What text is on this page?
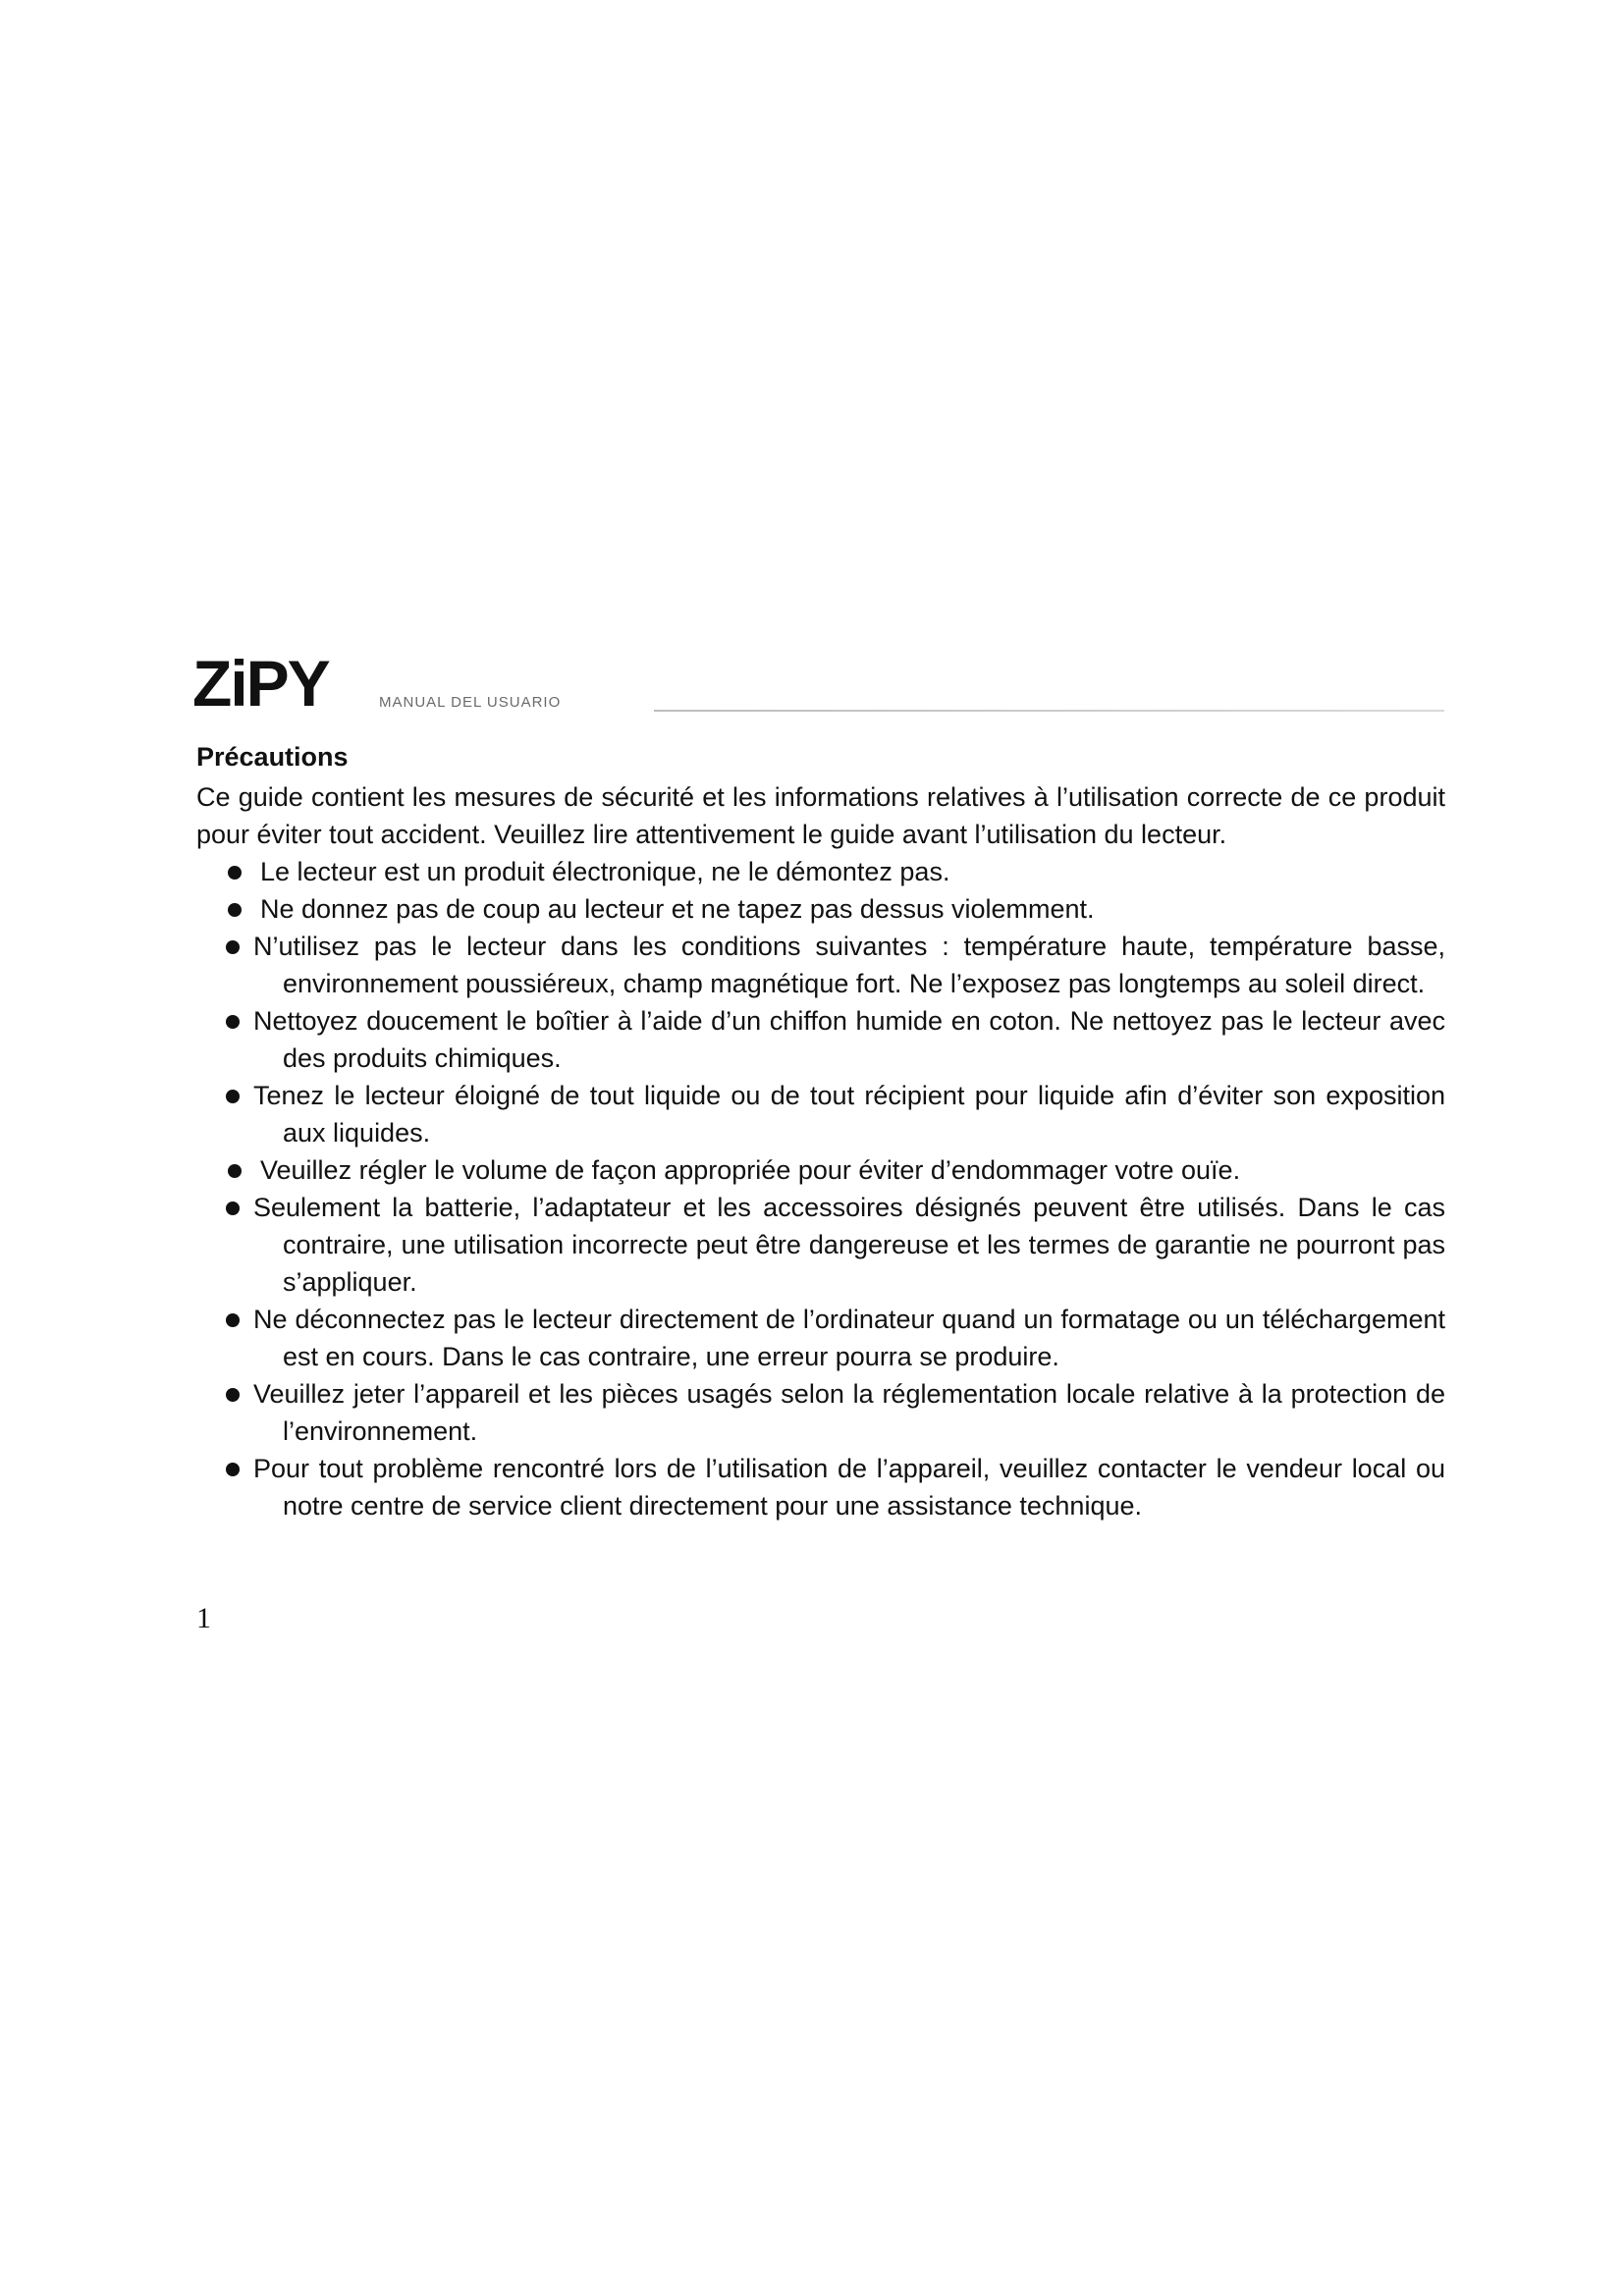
ZiPY	MANUAL DEL USUARIO
Précautions

Ce guide contient les mesures de sécurité et les informations relatives à l’utilisation correcte de ce produit pour éviter tout accident. Veuillez lire attentivement le guide avant l’utilisation du lecteur.

Le lecteur est un produit électronique, ne le démontez pas.
Ne donnez pas de coup au lecteur et ne tapez pas dessus violemment.
N’utilisez pas le lecteur dans les conditions suivantes : température haute, température basse, environnement poussiéreux, champ magnétique fort. Ne l’exposez pas longtemps au soleil direct.
Nettoyez doucement le boîtier à l’aide d’un chiffon humide en coton. Ne nettoyez pas le lecteur avec des produits chimiques.
Tenez le lecteur éloigné de tout liquide ou de tout récipient pour liquide afin d’éviter son exposition aux liquides.
Veuillez régler le volume de façon appropriée pour éviter d’endommager votre ouïe.
Seulement la batterie, l’adaptateur et les accessoires désignés peuvent être utilisés. Dans le cas contraire, une utilisation incorrecte peut être dangereuse et les termes de garantie ne pourront pas s’appliquer.
Ne déconnectez pas le lecteur directement de l’ordinateur quand un formatage ou un téléchargement est en cours. Dans le cas contraire, une erreur pourra se produire.
Veuillez jeter l’appareil et les pièces usagés selon la réglementation locale relative à la protection de l’environnement.
Pour tout problème rencontré lors de l’utilisation de l’appareil, veuillez contacter le vendeur local ou notre centre de service client directement pour une assistance technique.
1
